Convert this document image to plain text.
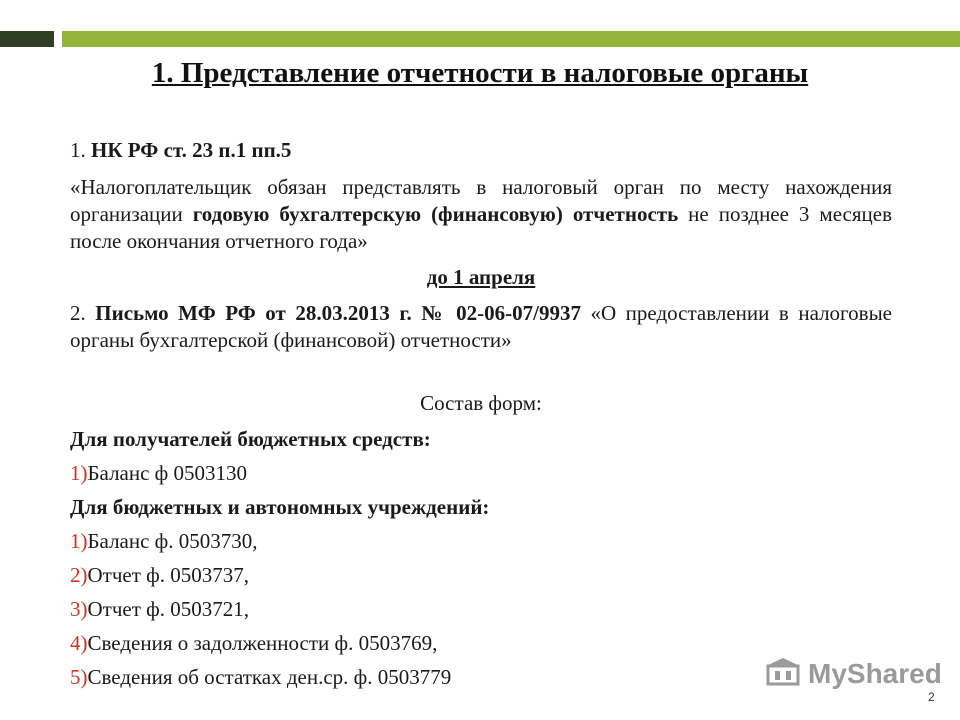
1. Представление отчетности в налоговые органы
1. НК РФ ст. 23 п.1 пп.5
«Налогоплательщик обязан представлять в налоговый орган по месту нахождения организации годовую бухгалтерскую (финансовую) отчетность не позднее 3 месяцев после окончания отчетного года»
до 1 апреля
2. Письмо МФ РФ от 28.03.2013 г. № 02-06-07/9937 «О предоставлении в налоговые органы бухгалтерской (финансовой) отчетности»
Состав форм:
Для получателей бюджетных средств:
1)Баланс ф 0503130
Для бюджетных и автономных учреждений:
1)Баланс ф. 0503730,
2)Отчет ф. 0503737,
3)Отчет ф. 0503721,
4)Сведения о задолженности ф. 0503769,
5)Сведения об остатках ден.ср. ф. 0503779	MyShared
2
